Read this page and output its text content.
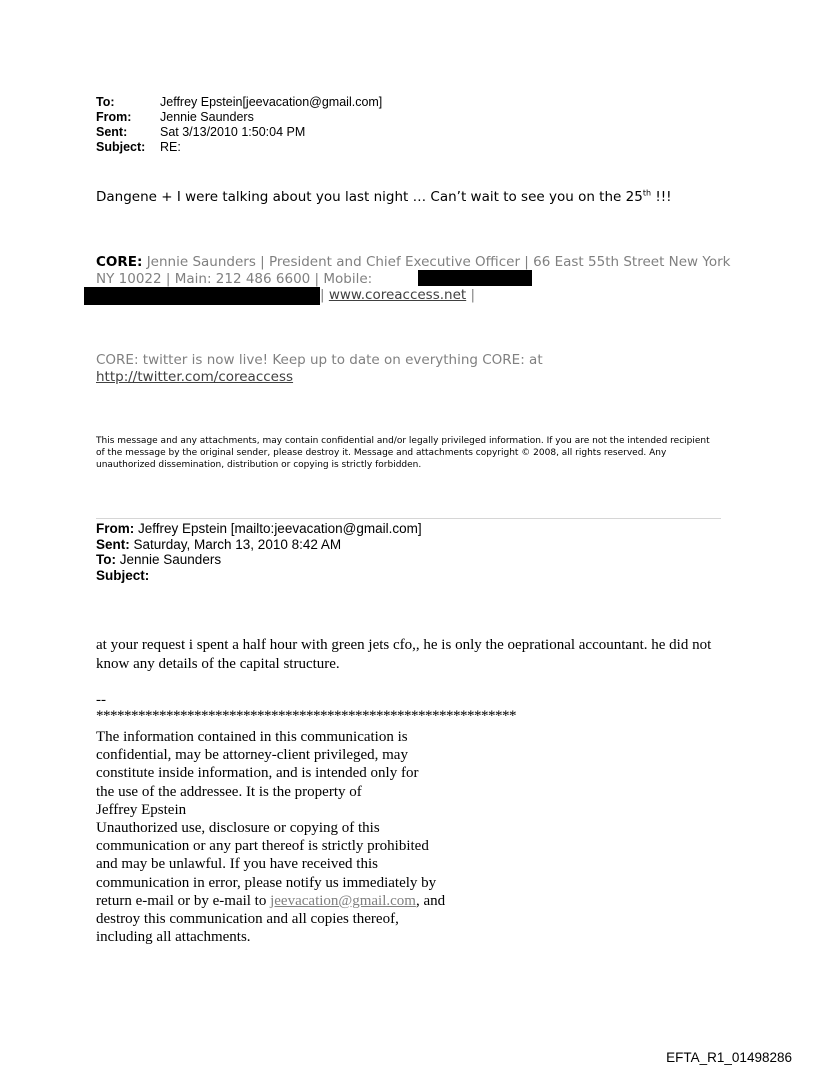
To:	Jeffrey Epstein[jeevacation@gmail.com]
From:	Jennie Saunders
Sent:	Sat 3/13/2010 1:50:04 PM
Subject:	RE:
Dangene + I were talking about you last night … Can’t wait to see you on the 25th !!!
CORE: Jennie Saunders | President and Chief Executive Officer | 66 East 55th Street New York NY 10022 | Main: 212 486 6600 | Mobile:
| www.coreaccess.net |
CORE: twitter is now live! Keep up to date on everything CORE: at
http://twitter.com/coreaccess
This message and any attachments, may contain confidential and/or legally privileged information. If you are not the intended recipient of the message by the original sender, please destroy it. Message and attachments copyright © 2008, all rights reserved. Any unauthorized dissemination, distribution or copying is strictly forbidden.
From: Jeffrey Epstein [mailto:jeevacation@gmail.com]
Sent: Saturday, March 13, 2010 8:42 AM
To: Jennie Saunders
Subject:
at your request i spent a half hour with green jets cfo,, he is only the oeprational accountant. he did not know any details of the capital structure.
--
************************************************************
The information contained in this communication is
confidential, may be attorney-client privileged, may
constitute inside information, and is intended only for
the use of the addressee. It is the property of
Jeffrey Epstein
Unauthorized use, disclosure or copying of this
communication or any part thereof is strictly prohibited
and may be unlawful. If you have received this
communication in error, please notify us immediately by
return e-mail or by e-mail to jeevacation@gmail.com, and
destroy this communication and all copies thereof,
including all attachments.
EFTA_R1_01498286
